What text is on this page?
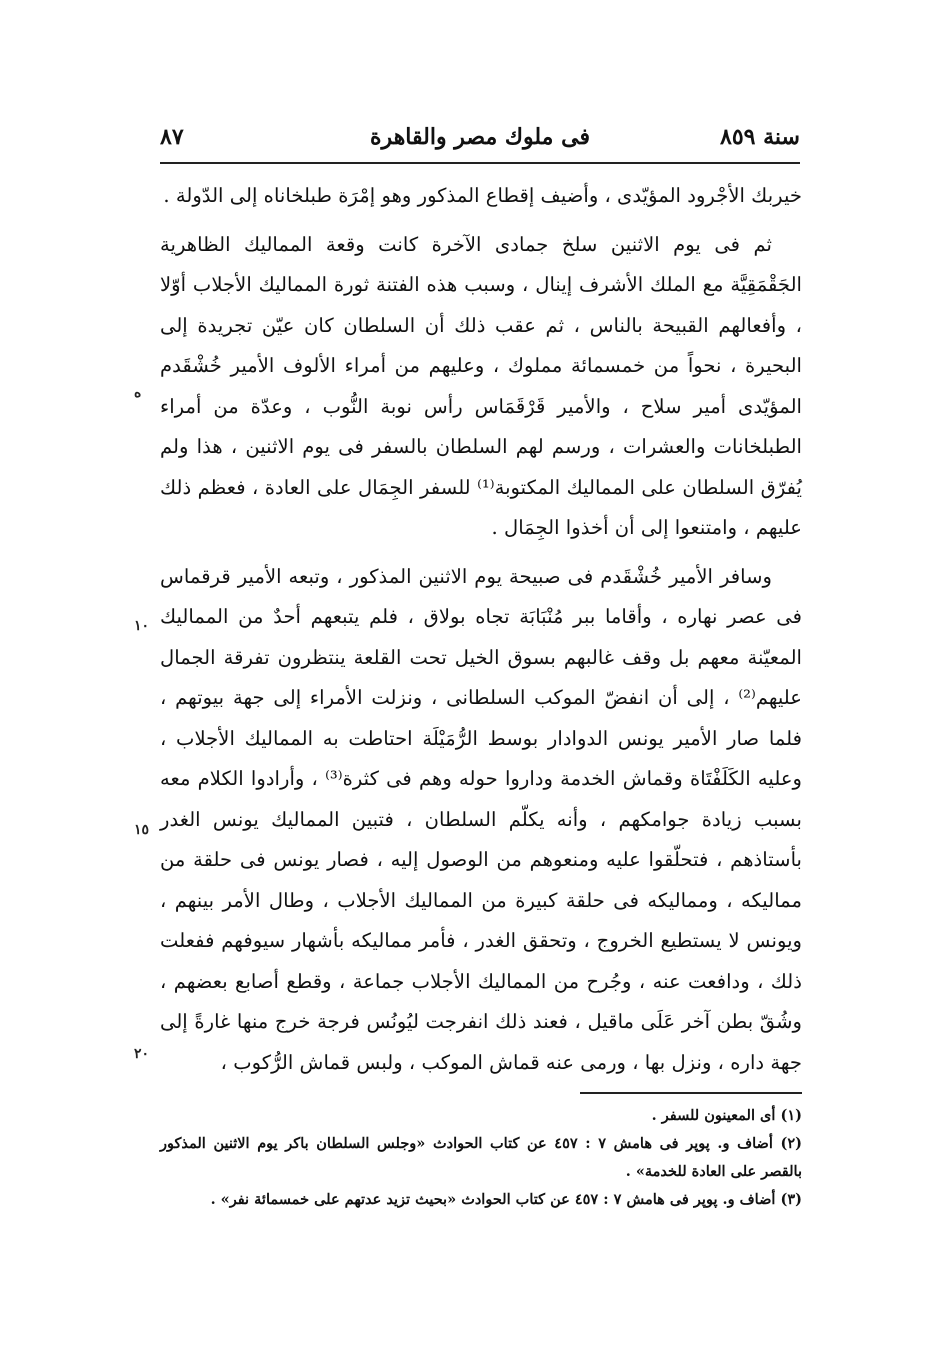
سنة ٨٥٩
فى ملوك مصر والقاهرة
٨٧

خيربك الأجْرود المؤيّدى ، وأضيف إقطاع المذكور وهو إمْرَة طبلخاناه إلى الدّولة .

ثم فى يوم الاثنين سلخ جمادى الآخرة كانت وقعة المماليك الظاهرية الجَقْمَقِيَّة مع الملك الأشرف إينال ، وسبب هذه الفتنة ثورة المماليك الأجلاب أوّلا ، وأفعالهم القبيحة بالناس ، ثم عقب ذلك أن السلطان كان عيّن تجريدة إلى البحيرة ، نحواً من خمسمائة مملوك ، وعليهم من أمراء الألوف الأمير خُشْقَدم المؤيّدى أمير سلاح ، والأمير قَرْقَمَاس رأس نوبة النُّوب ، وعدّة من أمراء الطبلخانات والعشرات ، ورسم لهم السلطان بالسفر فى يوم الاثنين ، هذا ولم يُفرّق السلطان على المماليك المكتوبة⁽¹⁾ للسفر الجِمَال على العادة ، فعظم ذلك عليهم ، وامتنعوا إلى أن أخذوا الجِمَال .

وسافر الأمير خُشْقَدم فى صبيحة يوم الاثنين المذكور ، وتبعه الأمير قرقماس فى عصر نهاره ، وأقاما ببر مُنْبَابَة تجاه بولاق ، فلم يتبعهم أحدٌ من المماليك المعيّنة معهم بل وقف غالبهم بسوق الخيل تحت القلعة ينتظرون تفرقة الجمال عليهم⁽²⁾ ، إلى أن انفضّ الموكب السلطانى ، ونزلت الأمراء إلى جهة بيوتهم ، فلما صار الأمير يونس الدوادار بوسط الرُّمَيْلَة احتاطت به المماليك الأجلاب ، وعليه الكَلَفْتَاة وقماش الخدمة وداروا حوله وهم فى كثرة⁽³⁾ ، وأرادوا الكلام معه بسبب زيادة جوامكهم ، وأنه يكلّم السلطان ، فتبين المماليك يونس الغدر بأستاذهم ، فتحلّقوا عليه ومنعوهم من الوصول إليه ، فصار يونس فى حلقة من مماليكه ، ومماليكه فى حلقة كبيرة من المماليك الأجلاب ، وطال الأمر بينهم ، ويونس لا يستطيع الخروج ، وتحقق الغدر ، فأمر مماليكه بأشهار سيوفهم ففعلت ذلك ، ودافعت عنه ، وجُرح من المماليك الأجلاب جماعة ، وقطع أصابع بعضهم ، وشُقّ بطن آخر عَلَى ماقيل ، فعند ذلك انفرجت ليُونُس فرجة خرج منها غارةً إلى جهة داره ، ونزل بها ، ورمى عنه قماش الموكب ، ولبس قماش الرُّكوب ،

ه
١٠
١٥
٢٠

(١) أى المعينون للسفر .

(٢) أضاف و. پوپر فى هامش ٧ : ٤٥٧ عن كتاب الحوادث «وجلس السلطان باكر يوم الاثنين المذكور بالقصر على العادة للخدمة» .

(٣) أضاف و. پوپر فى هامش ٧ : ٤٥٧ عن كتاب الحوادث «بحيث تزيد عدتهم على خمسمائة نفر» .
